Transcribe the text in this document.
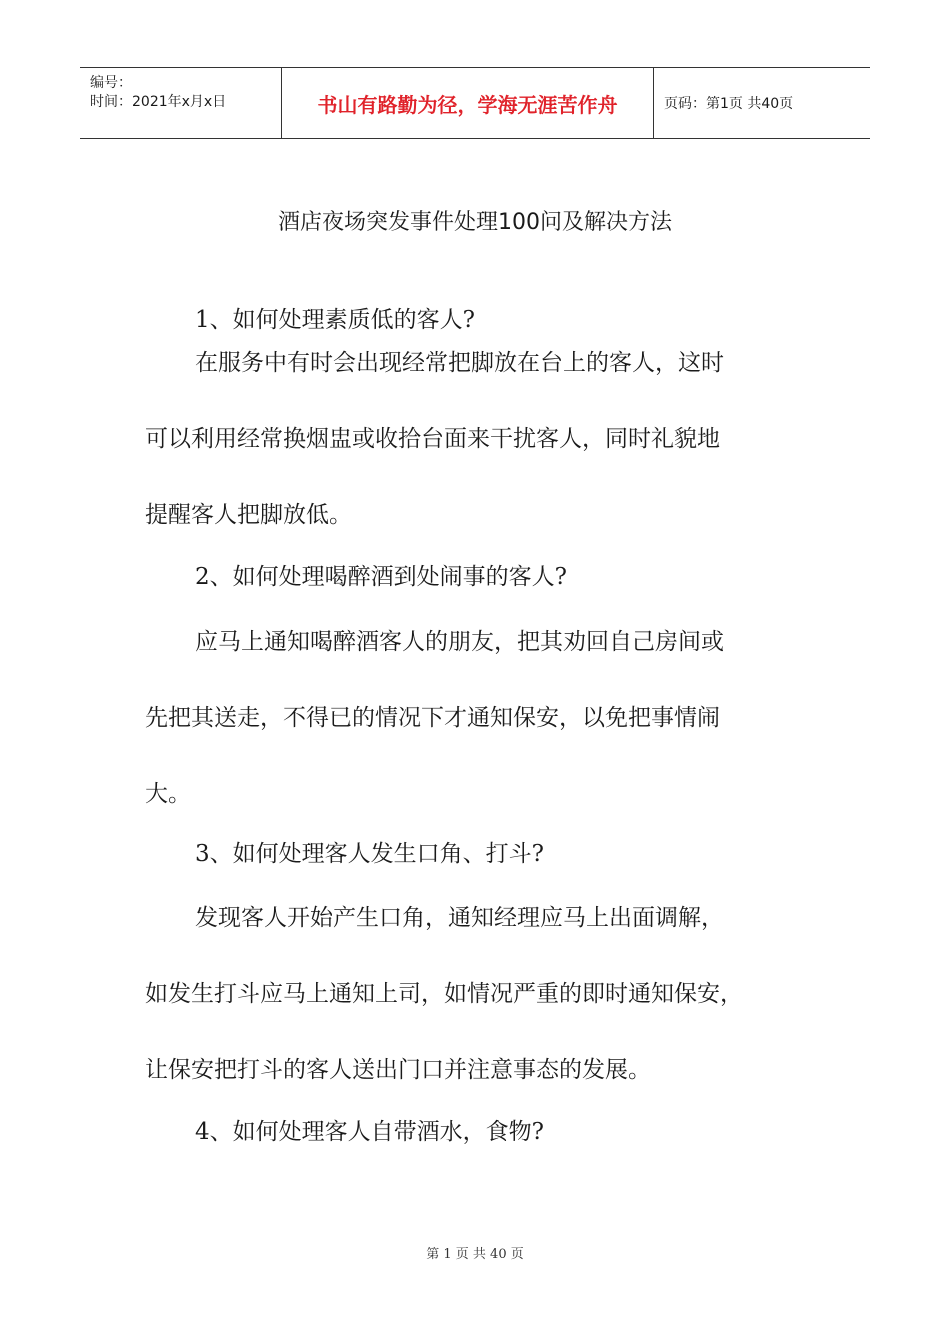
编号：
时间：2021年x月x日	书山有路勤为径，学海无涯苦作舟	页码：第1页 共40页
酒店夜场突发事件处理100问及解决方法

1、如何处理素质低的客人?

在服务中有时会出现经常把脚放在台上的客人，这时
可以利用经常换烟盅或收拾台面来干扰客人，同时礼貌地
提醒客人把脚放低。

2、如何处理喝醉酒到处闹事的客人?

应马上通知喝醉酒客人的朋友，把其劝回自己房间或
先把其送走，不得已的情况下才通知保安，以免把事情闹
大。

3、如何处理客人发生口角、打斗?

发现客人开始产生口角，通知经理应马上出面调解，
如发生打斗应马上通知上司，如情况严重的即时通知保安，
让保安把打斗的客人送出门口并注意事态的发展。

4、如何处理客人自带酒水，食物?

第 1 页 共 40 页
